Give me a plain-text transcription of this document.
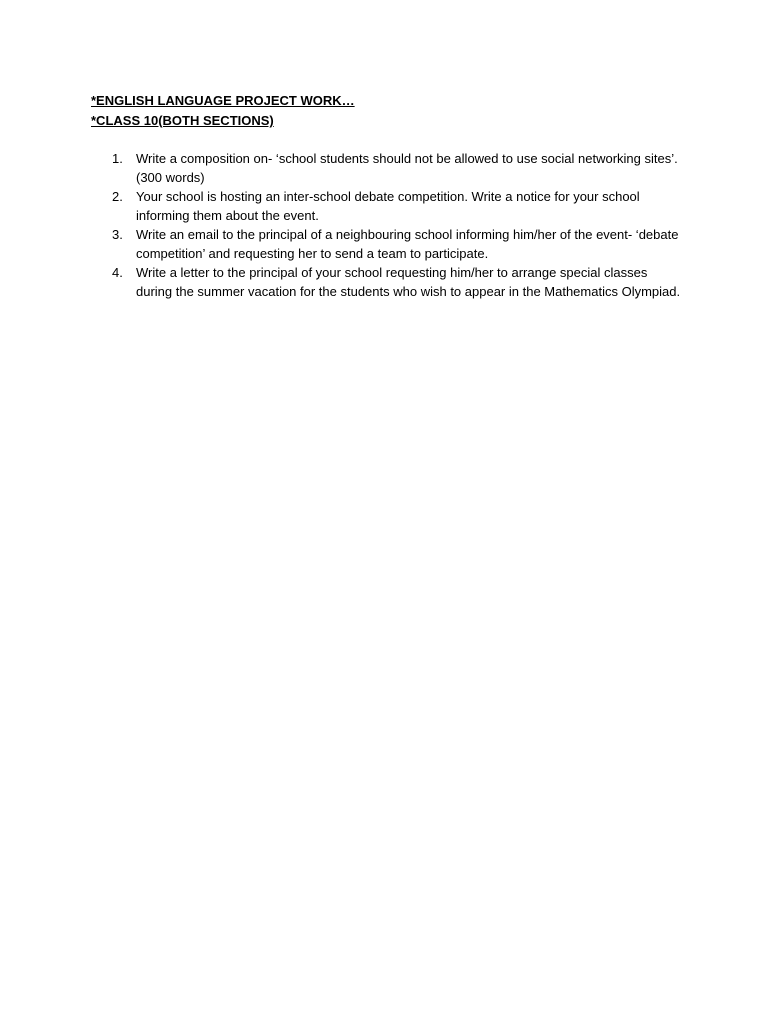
*ENGLISH LANGUAGE PROJECT WORK…
*CLASS 10(BOTH SECTIONS)
1. Write a composition on- ‘school students should not be allowed to use social networking sites’.(300 words)
2. Your school is hosting an inter-school debate competition. Write a notice for your school informing them about the event.
3. Write an email to the principal of a neighbouring school informing him/her of the event- ‘debate competition’ and requesting her to send a team to participate.
4. Write a letter to the principal of your school requesting him/her to arrange special classes during the summer vacation for the students who wish to appear in the Mathematics Olympiad.
